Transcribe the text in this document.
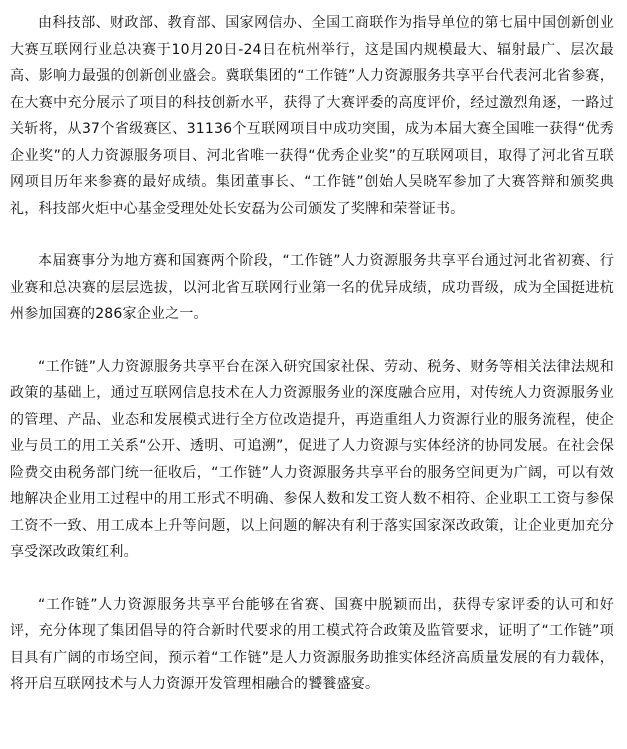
由科技部、财政部、教育部、国家网信办、全国工商联作为指导单位的第七届中国创新创业大赛互联网行业总决赛于10月20日-24日在杭州举行，这是国内规模最大、辐射最广、层次最高、影响力最强的创新创业盛会。冀联集团的“工作链”人力资源服务共享平台代表河北省参赛，在大赛中充分展示了项目的科技创新水平，获得了大赛评委的高度评价，经过激烈角逐，一路过关斩将，从37个省级赛区、31136个互联网项目中成功突围，成为本届大赛全国唯一获得“优秀企业奖”的人力资源服务项目、河北省唯一获得“优秀企业奖”的互联网项目，取得了河北省互联网项目历年来参赛的最好成绩。集团董事长、“工作链”创始人吴晓军参加了大赛答辩和颁奖典礼，科技部火炬中心基金受理处处长安磊为公司颁发了奖牌和荣誉证书。

本届赛事分为地方赛和国赛两个阶段，“工作链”人力资源服务共享平台通过河北省初赛、行业赛和总决赛的层层选拔，以河北省互联网行业第一名的优异成绩，成功晋级，成为全国挺进杭州参加国赛的286家企业之一。

“工作链”人力资源服务共享平台在深入研究国家社保、劳动、税务、财务等相关法律法规和政策的基础上，通过互联网信息技术在人力资源服务业的深度融合应用，对传统人力资源服务业的管理、产品、业态和发展模式进行全方位改造提升，再造重组人力资源行业的服务流程，使企业与员工的用工关系“公开、透明、可追溯”，促进了人力资源与实体经济的协同发展。在社会保险费交由税务部门统一征收后，“工作链”人力资源服务共享平台的服务空间更为广阔，可以有效地解决企业用工过程中的用工形式不明确、参保人数和发工资人数不相符、企业职工工资与参保工资不一致、用工成本上升等问题，以上问题的解决有利于落实国家深改政策，让企业更加充分享受深改政策红利。

“工作链”人力资源服务共享平台能够在省赛、国赛中脱颖而出，获得专家评委的认可和好评，充分体现了集团倡导的符合新时代要求的用工模式符合政策及监管要求，证明了“工作链”项目具有广阔的市场空间，预示着“工作链”是人力资源服务助推实体经济高质量发展的有力载体，将开启互联网技术与人力资源开发管理相融合的饕餮盛宴。
